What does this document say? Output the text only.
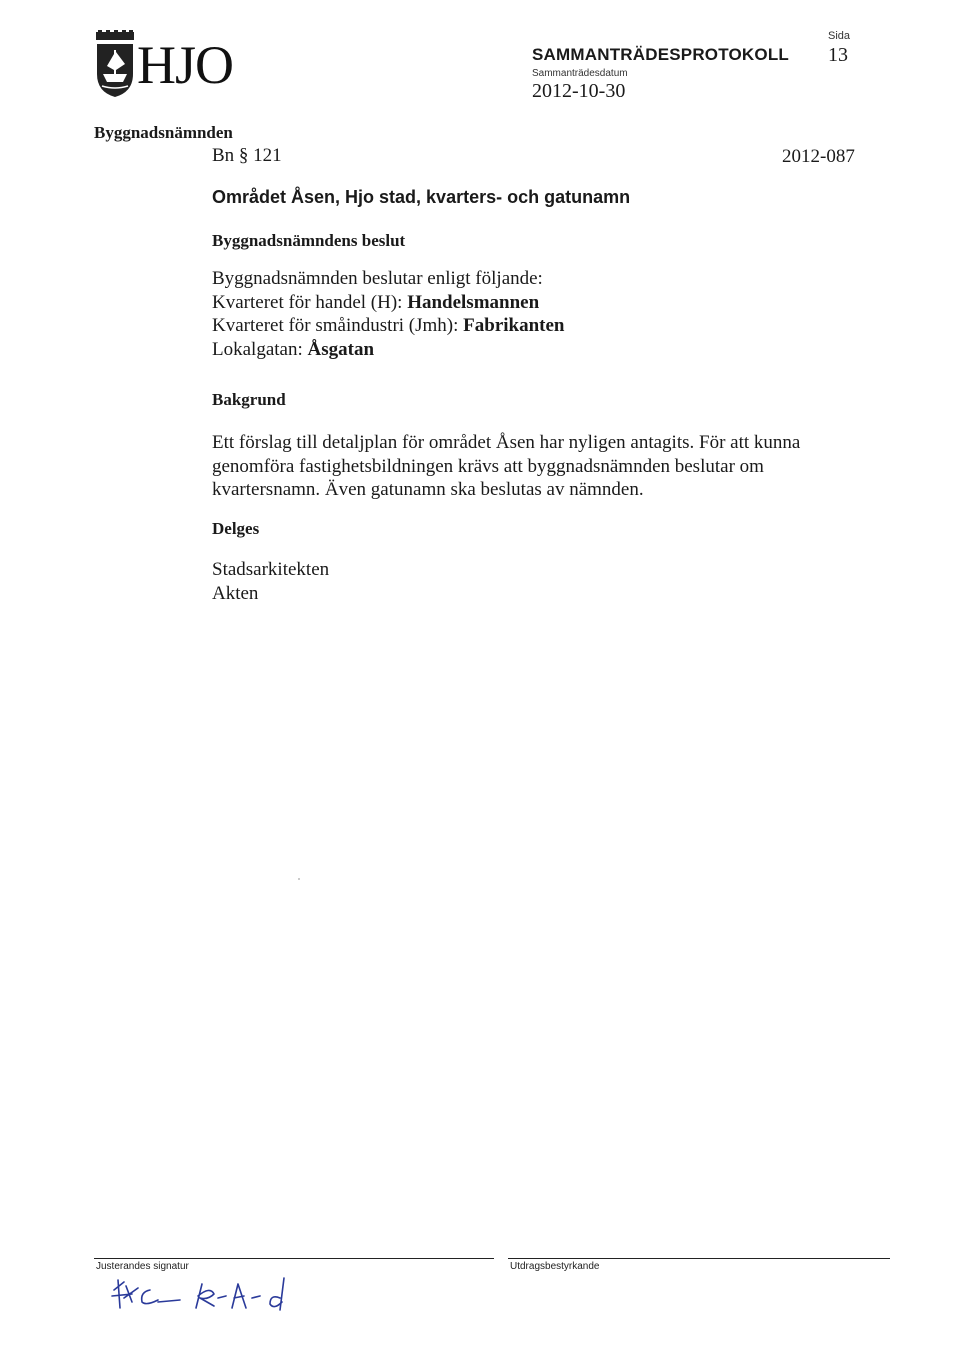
HJO	SAMMANTRÄDESPROTOKOLL
Sammanträdesdatum
2012-10-30
Sida
13
Byggnadsnämnden
Bn § 121	2012-087
Området Åsen, Hjo stad, kvarters- och gatunamn
Byggnadsnämndens beslut
Byggnadsnämnden beslutar enligt följande:
Kvarteret för handel (H): Handelsmannen
Kvarteret för småindustri (Jmh): Fabrikanten
Lokalgatan: Åsgatan
Bakgrund
Ett förslag till detaljplan för området Åsen har nyligen antagits. För att kunna
genomföra fastighetsbildningen krävs att byggnadsnämnden beslutar om
kvartersnamn. Även gatunamn ska beslutas av nämnden.
Delges
Stadsarkitekten
Akten
Justerandes signatur	Utdragsbestyrkande
